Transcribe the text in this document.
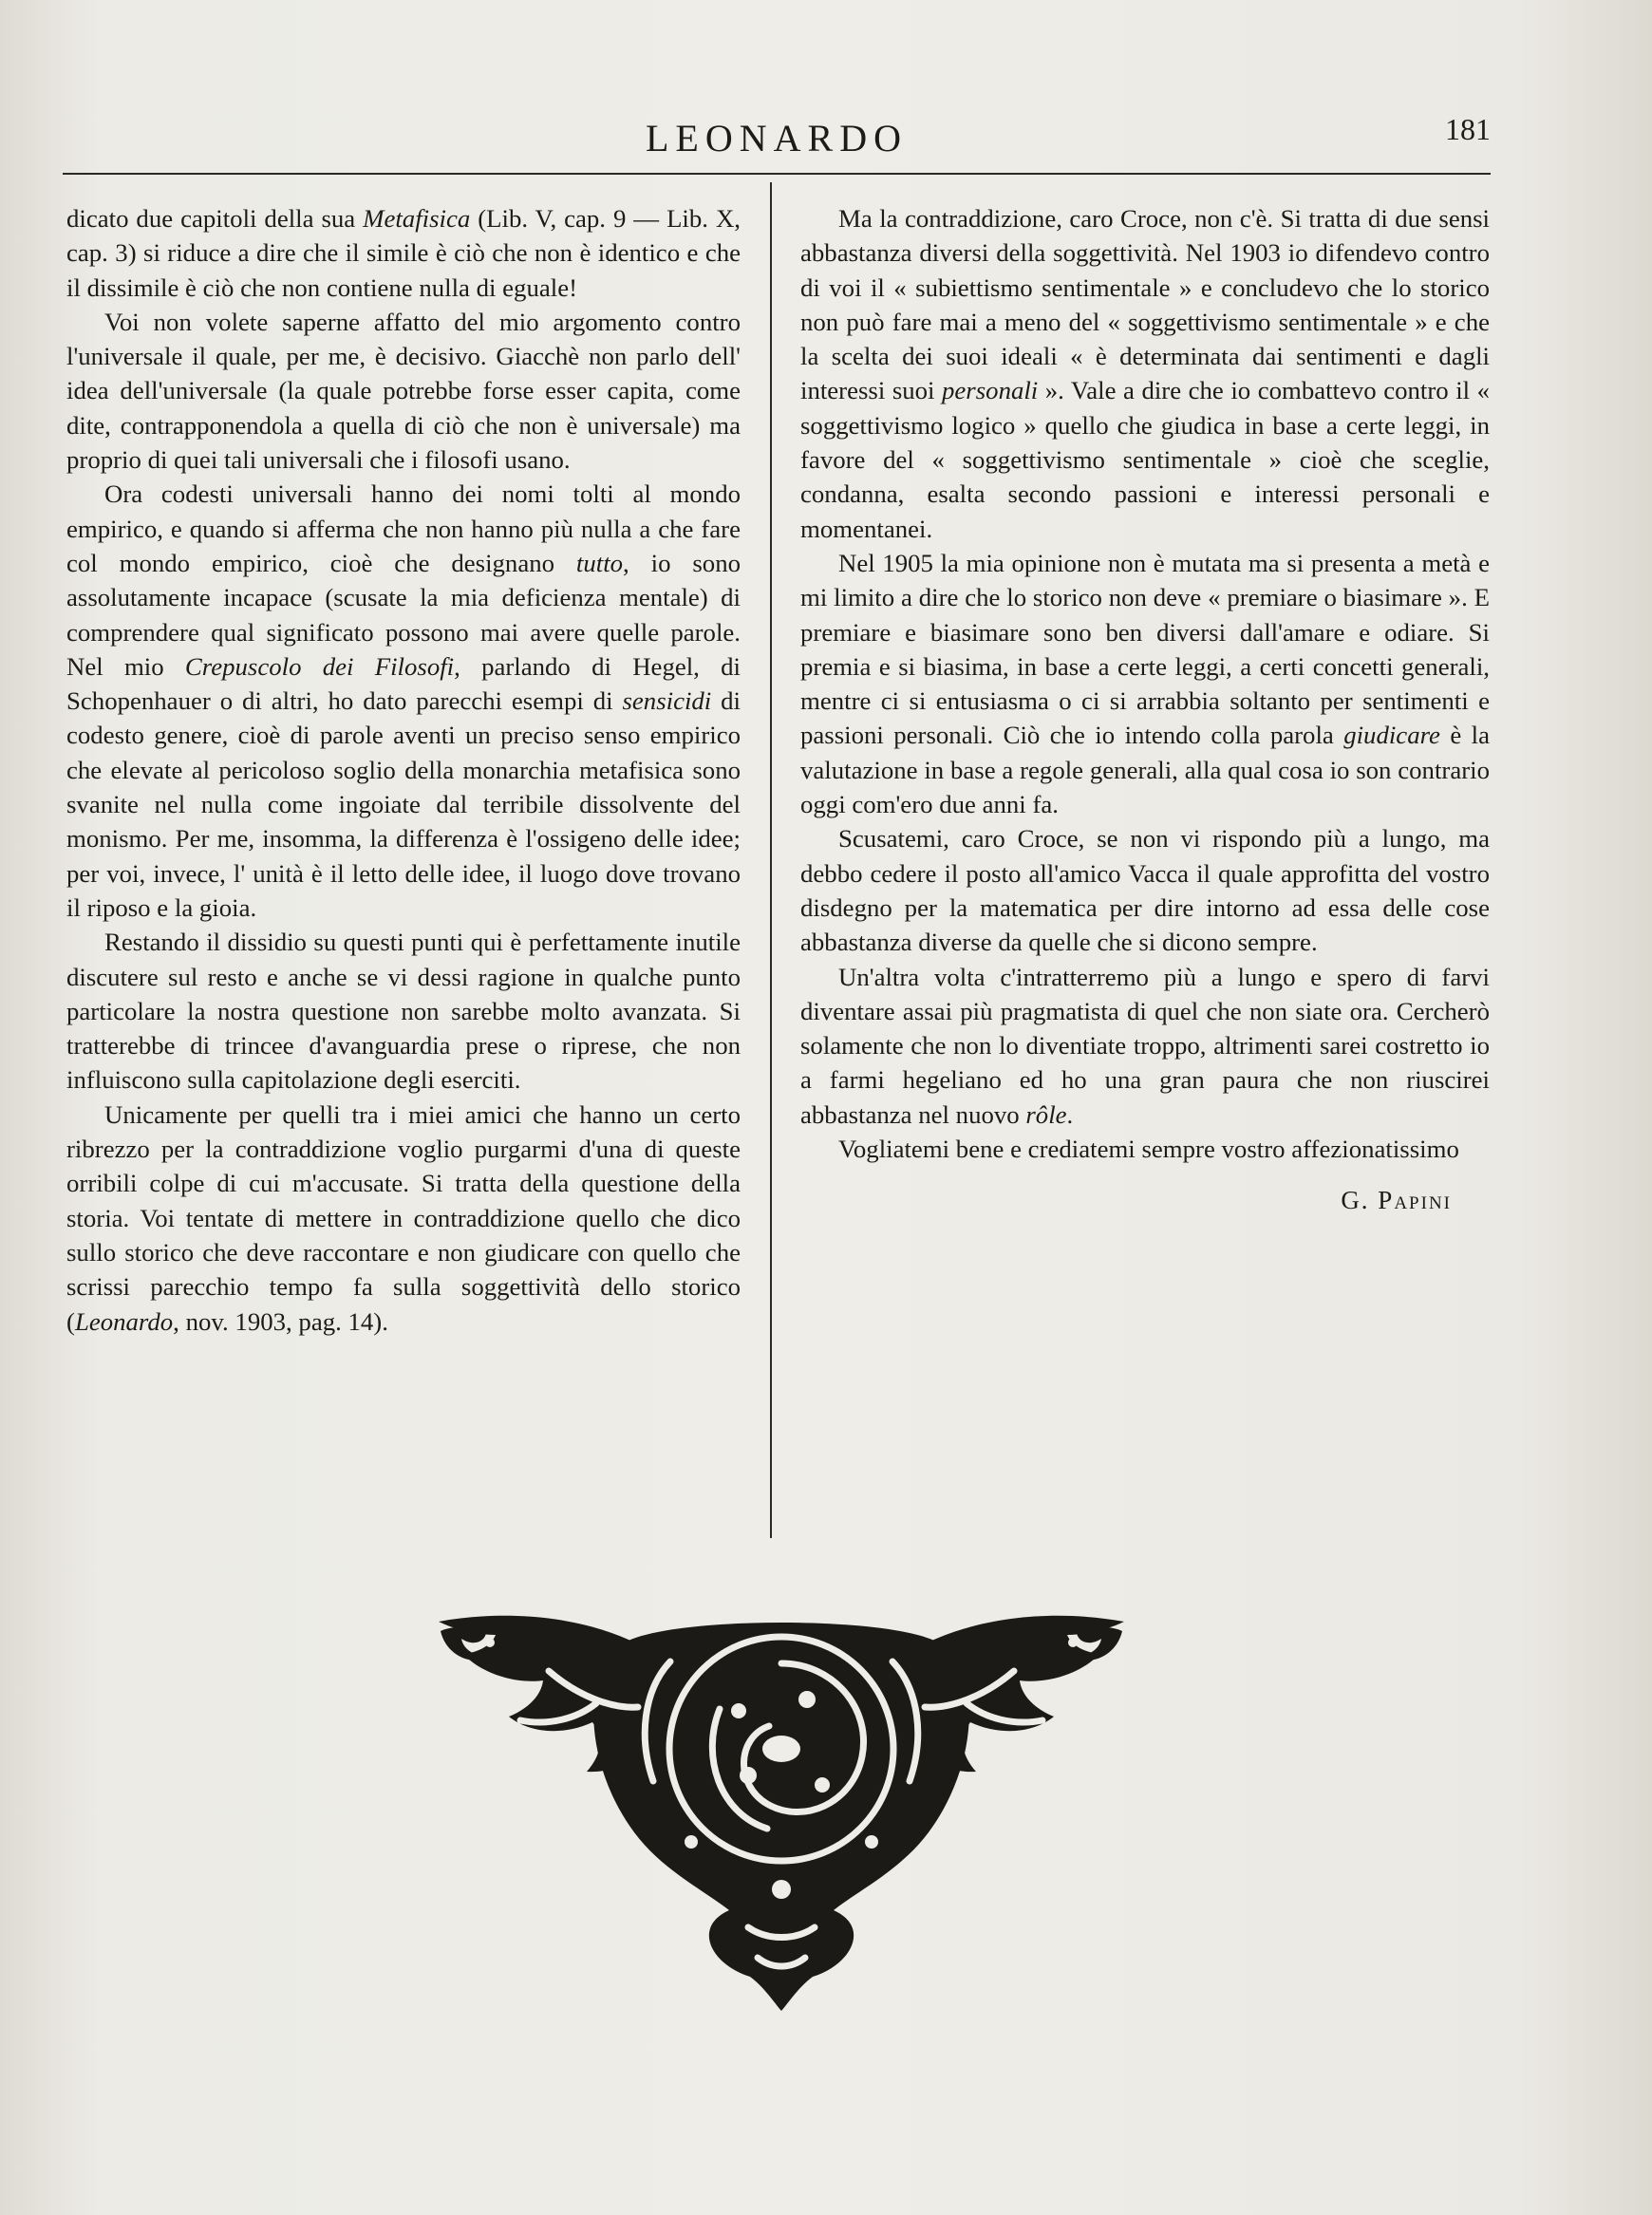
LEONARDO	181

dicato due capitoli della sua Metafisica (Lib. V, cap. 9 — Lib. X, cap. 3) si riduce a dire che il simile è ciò che non è identico e che il dissimile è ciò che non contiene nulla di eguale!

Voi non volete saperne affatto del mio argomento contro l'universale il quale, per me, è decisivo. Giacchè non parlo dell' idea dell'universale (la quale potrebbe forse esser capita, come dite, contrapponendola a quella di ciò che non è universale) ma proprio di quei tali universali che i filosofi usano.

Ora codesti universali hanno dei nomi tolti al mondo empirico, e quando si afferma che non hanno più nulla a che fare col mondo empirico, cioè che designano tutto, io sono assolutamente incapace (scusate la mia deficienza mentale) di comprendere qual significato possono mai avere quelle parole. Nel mio Crepuscolo dei Filosofi, parlando di Hegel, di Schopenhauer o di altri, ho dato parecchi esempi di sensicidi di codesto genere, cioè di parole aventi un preciso senso empirico che elevate al pericoloso soglio della monarchia metafisica sono svanite nel nulla come ingoiate dal terribile dissolvente del monismo. Per me, insomma, la differenza è l'ossigeno delle idee; per voi, invece, l' unità è il letto delle idee, il luogo dove trovano il riposo e la gioia.

Restando il dissidio su questi punti qui è perfettamente inutile discutere sul resto e anche se vi dessi ragione in qualche punto particolare la nostra questione non sarebbe molto avanzata. Si tratterebbe di trincee d'avanguardia prese o riprese, che non influiscono sulla capitolazione degli eserciti.

Unicamente per quelli tra i miei amici che hanno un certo ribrezzo per la contraddizione voglio purgarmi d'una di queste orribili colpe di cui m'accusate. Si tratta della questione della storia. Voi tentate di mettere in contraddizione quello che dico sullo storico che deve raccontare e non giudicare con quello che scrissi parecchio tempo fa sulla soggettività dello storico (Leonardo, nov. 1903, pag. 14).

Ma la contraddizione, caro Croce, non c'è. Si tratta di due sensi abbastanza diversi della soggettività. Nel 1903 io difendevo contro di voi il « subiettismo sentimentale » e concludevo che lo storico non può fare mai a meno del « soggettivismo sentimentale » e che la scelta dei suoi ideali « è determinata dai sentimenti e dagli interessi suoi personali ». Vale a dire che io combattevo contro il « soggettivismo logico » quello che giudica in base a certe leggi, in favore del « soggettivismo sentimentale » cioè che sceglie, condanna, esalta secondo passioni e interessi personali e momentanei.

Nel 1905 la mia opinione non è mutata ma si presenta a metà e mi limito a dire che lo storico non deve « premiare o biasimare ». E premiare e biasimare sono ben diversi dall'amare e odiare. Si premia e si biasima, in base a certe leggi, a certi concetti generali, mentre ci si entusiasma o ci si arrabbia soltanto per sentimenti e passioni personali. Ciò che io intendo colla parola giudicare è la valutazione in base a regole generali, alla qual cosa io son contrario oggi com'ero due anni fa.

Scusatemi, caro Croce, se non vi rispondo più a lungo, ma debbo cedere il posto all'amico Vacca il quale approfitta del vostro disdegno per la matematica per dire intorno ad essa delle cose abbastanza diverse da quelle che si dicono sempre.

Un'altra volta c'intratterremo più a lungo e spero di farvi diventare assai più pragmatista di quel che non siate ora. Cercherò solamente che non lo diventiate troppo, altrimenti sarei costretto io a farmi hegeliano ed ho una gran paura che non riuscirei abbastanza nel nuovo rôle.

Vogliatemi bene e crediatemi sempre vostro affezionatissimo

G. Papini
